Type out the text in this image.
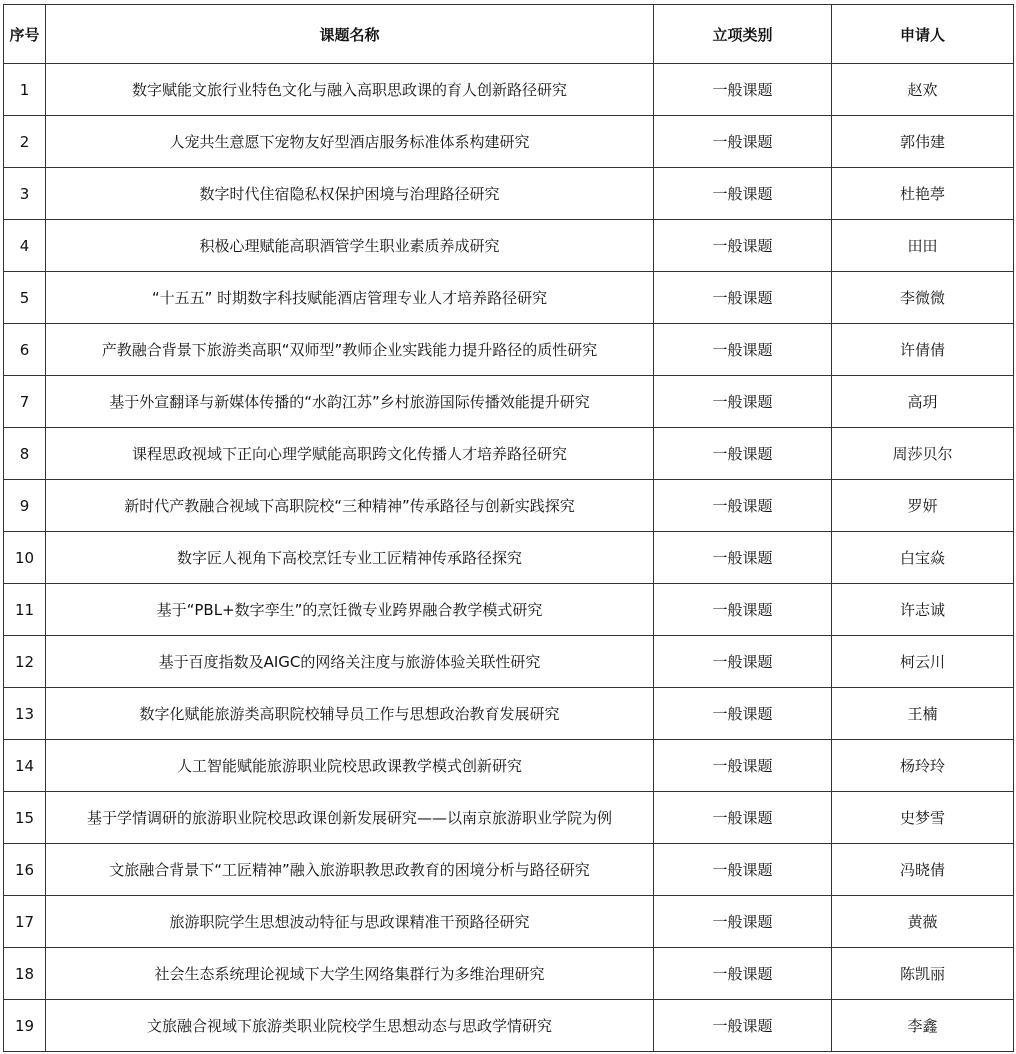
序号	课题名称	立项类别	申请人
1	数字赋能文旅行业特色文化与融入高职思政课的育人创新路径研究	一般课题	赵欢
2	人宠共生意愿下宠物友好型酒店服务标准体系构建研究	一般课题	郭伟建
3	数字时代住宿隐私权保护困境与治理路径研究	一般课题	杜艳葶
4	积极心理赋能高职酒管学生职业素质养成研究	一般课题	田田
5	“十五五” 时期数字科技赋能酒店管理专业人才培养路径研究	一般课题	李微微
6	产教融合背景下旅游类高职“双师型”教师企业实践能力提升路径的质性研究	一般课题	许倩倩
7	基于外宣翻译与新媒体传播的“水韵江苏”乡村旅游国际传播效能提升研究	一般课题	高玥
8	课程思政视域下正向心理学赋能高职跨文化传播人才培养路径研究	一般课题	周莎贝尔
9	新时代产教融合视域下高职院校“三种精神”传承路径与创新实践探究	一般课题	罗妍
10	数字匠人视角下高校烹饪专业工匠精神传承路径探究	一般课题	白宝焱
11	基于“PBL+数字孪生”的烹饪微专业跨界融合教学模式研究	一般课题	许志诚
12	基于百度指数及AIGC的网络关注度与旅游体验关联性研究	一般课题	柯云川
13	数字化赋能旅游类高职院校辅导员工作与思想政治教育发展研究	一般课题	王楠
14	人工智能赋能旅游职业院校思政课教学模式创新研究	一般课题	杨玲玲
15	基于学情调研的旅游职业院校思政课创新发展研究——以南京旅游职业学院为例	一般课题	史梦雪
16	文旅融合背景下“工匠精神”融入旅游职教思政教育的困境分析与路径研究	一般课题	冯晓倩
17	旅游职院学生思想波动特征与思政课精准干预路径研究	一般课题	黄薇
18	社会生态系统理论视域下大学生网络集群行为多维治理研究	一般课题	陈凯丽
19	文旅融合视域下旅游类职业院校学生思想动态与思政学情研究	一般课题	李鑫
